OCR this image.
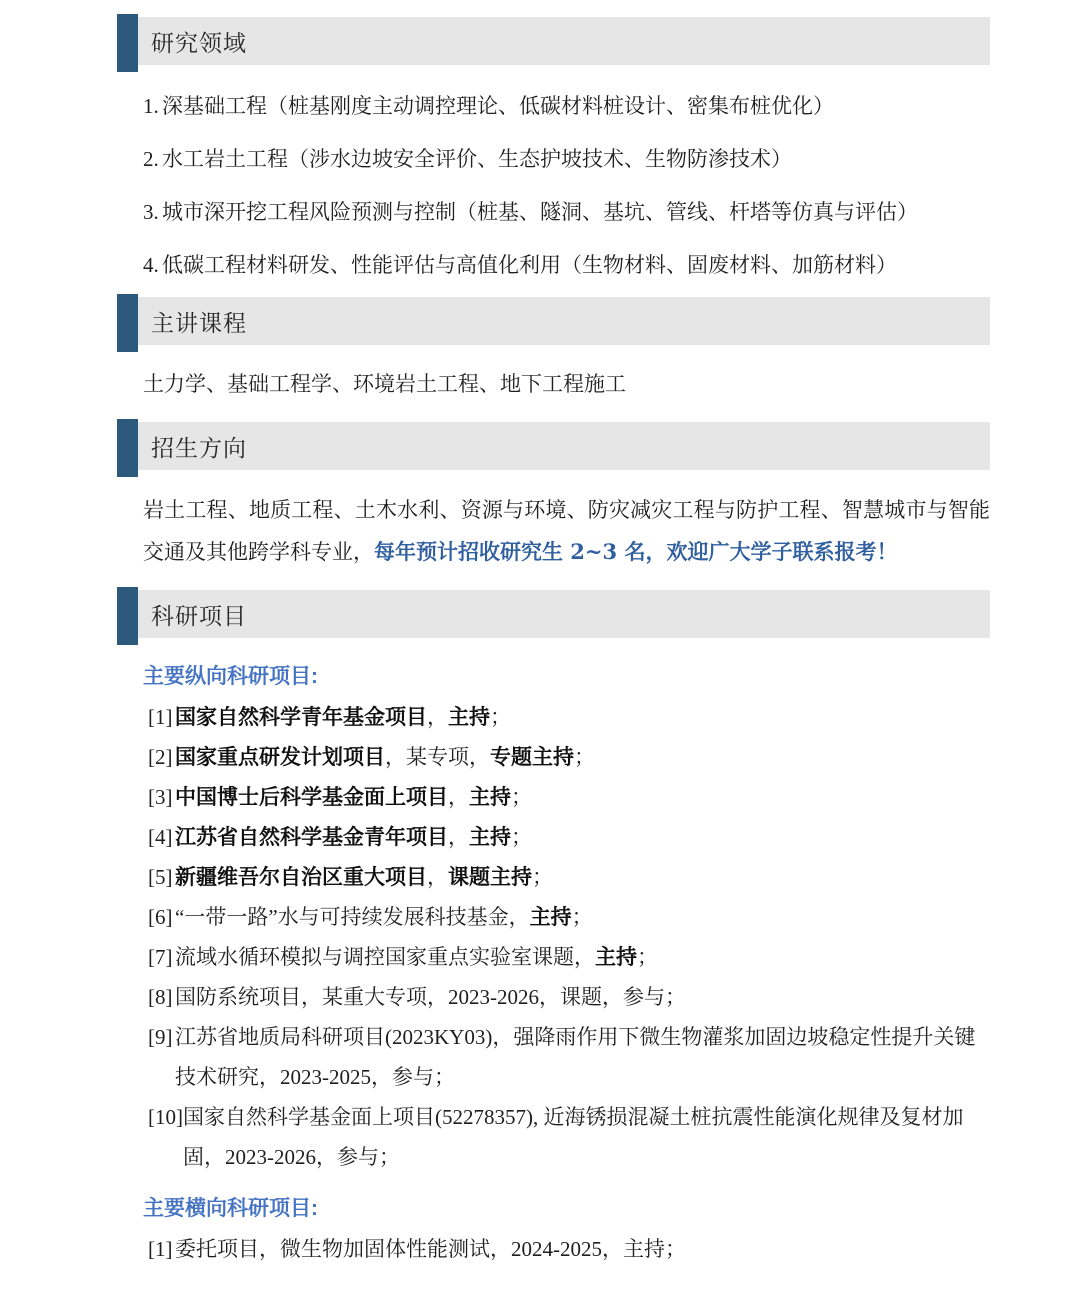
研究领域
1. 深基础工程（桩基刚度主动调控理论、低碳材料桩设计、密集布桩优化）
2. 水工岩土工程（涉水边坡安全评价、生态护坡技术、生物防渗技术）
3. 城市深开挖工程风险预测与控制（桩基、隧洞、基坑、管线、杆塔等仿真与评估）
4. 低碳工程材料研发、性能评估与高值化利用（生物材料、固废材料、加筋材料）
主讲课程

土力学、基础工程学、环境岩土工程、地下工程施工

招生方向

岩土工程、地质工程、土木水利、资源与环境、防灾减灾工程与防护工程、智慧城市与智能交通及其他跨学科专业，每年预计招收研究生 2~3 名，欢迎广大学子联系报考！

科研项目
主要纵向科研项目:
[1] 国家自然科学青年基金项目，主持；
[2] 国家重点研发计划项目，某专项，专题主持；
[3] 中国博士后科学基金面上项目，主持；
[4] 江苏省自然科学基金青年项目，主持；
[5] 新疆维吾尔自治区重大项目，课题主持；
[6] “一带一路”水与可持续发展科技基金，主持；
[7] 流域水循环模拟与调控国家重点实验室课题，主持；
[8] 国防系统项目，某重大专项，2023-2026，课题，参与；
[9] 江苏省地质局科研项目(2023KY03)，强降雨作用下微生物灌浆加固边坡稳定性提升关键技术研究，2023-2025，参与；
[10] 国家自然科学基金面上项目(52278357), 近海锈损混凝土桩抗震性能演化规律及复材加固，2023-2026，参与；
主要横向科研项目:
[1] 委托项目，微生物加固体性能测试，2024-2025，主持；
